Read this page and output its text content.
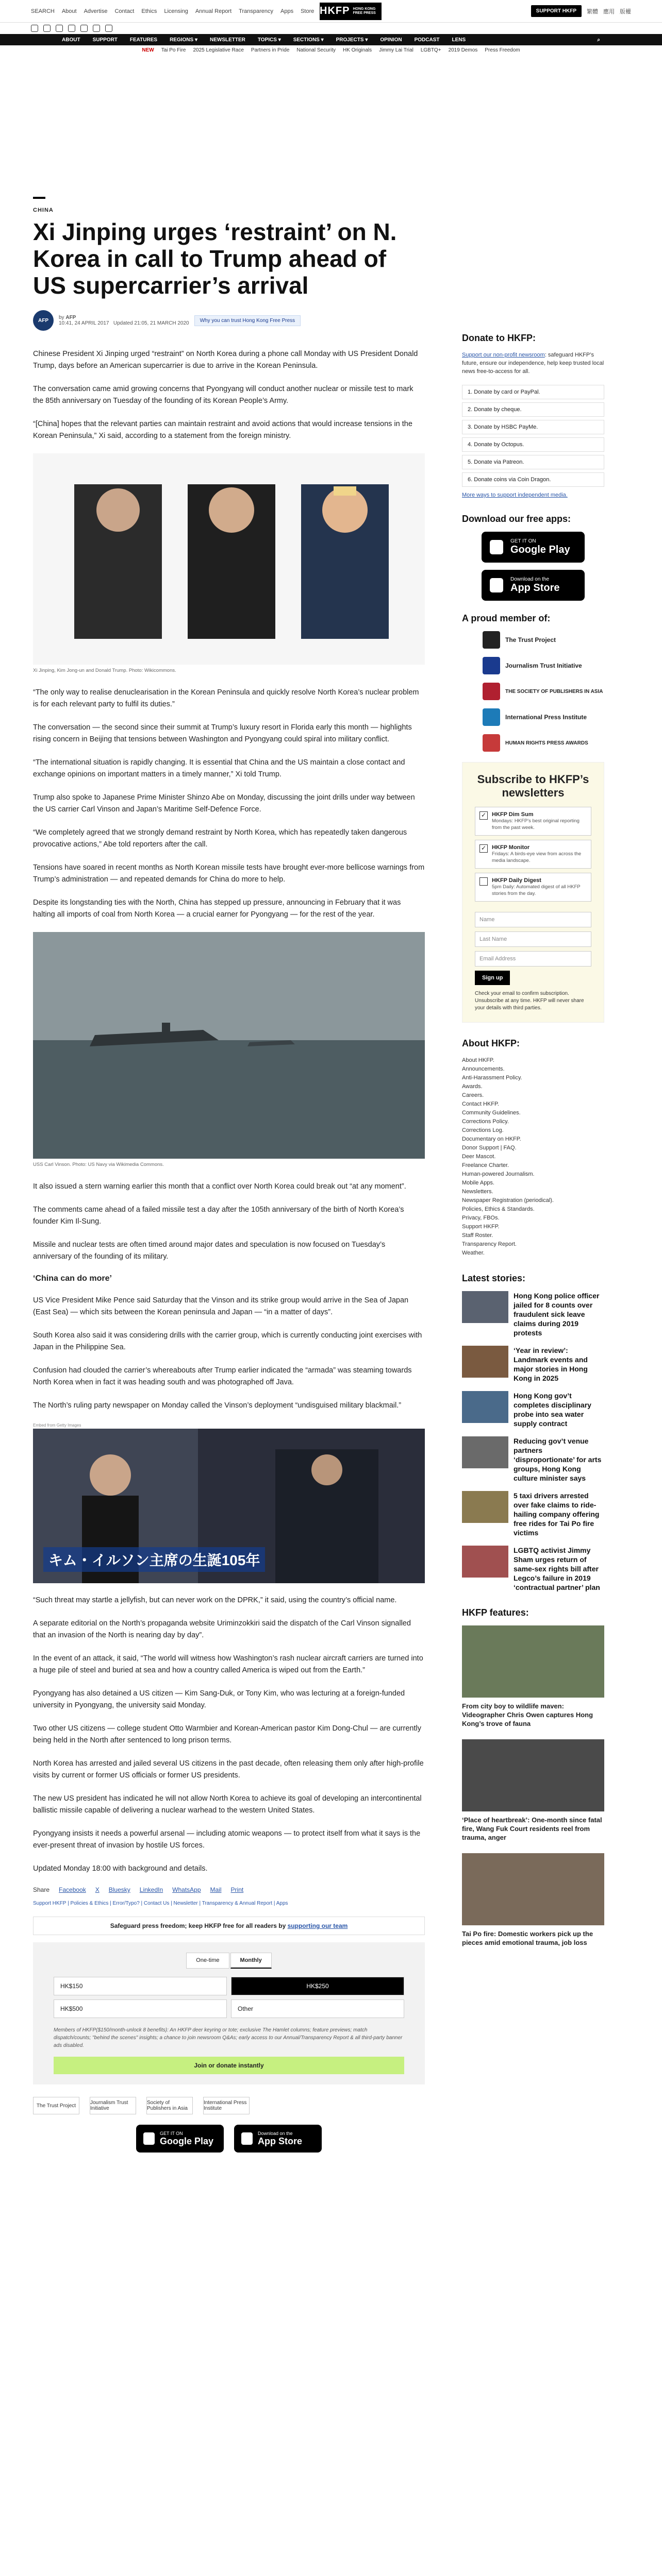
SEARCH About Advertise Contact Ethics Licensing Annual Report Transparency Apps Store HKFP HONG KONG FREE PRESS	SUPPORT HKFP	繁體 應用 版權
ABOUT SUPPORT FEATURES REGIONS ▾ NEWSLETTER TOPICS ▾ SECTIONS ▾ PROJECTS ▾ OPINION PODCAST LENS	⌕
NEW Tai Po Fire 2025 Legislative Race Partners in Pride National Security HK Originals Jimmy Lai Trial LGBTQ+ 2019 Demos Press Freedom
CHINA
Xi Jinping urges ‘restraint’ on N. Korea in call to Trump ahead of US supercarrier’s arrival
AFP	by AFP
10:41, 24 APRIL 2017 Updated 21:05, 21 MARCH 2020	Why you can trust Hong Kong Free Press

Chinese President Xi Jinping urged “restraint” on North Korea during a phone call Monday with US President Donald Trump, days before an American supercarrier is due to arrive in the Korean Peninsula.

The conversation came amid growing concerns that Pyongyang will conduct another nuclear or missile test to mark the 85th anniversary on Tuesday of the founding of its Korean People’s Army.

“[China] hopes that the relevant parties can maintain restraint and avoid actions that would increase tensions in the Korean Peninsula,” Xi said, according to a statement from the foreign ministry.

Xi Jinping, Kim Jong-un and Donald Trump. Photo: Wikicommons.

“The only way to realise denuclearisation in the Korean Peninsula and quickly resolve North Korea’s nuclear problem is for each relevant party to fulfil its duties.”

The conversation — the second since their summit at Trump’s luxury resort in Florida early this month — highlights rising concern in Beijing that tensions between Washington and Pyongyang could spiral into military conflict.

“The international situation is rapidly changing. It is essential that China and the US maintain a close contact and exchange opinions on important matters in a timely manner,” Xi told Trump.

Trump also spoke to Japanese Prime Minister Shinzo Abe on Monday, discussing the joint drills under way between the US carrier Carl Vinson and Japan’s Maritime Self-Defence Force.

“We completely agreed that we strongly demand restraint by North Korea, which has repeatedly taken dangerous provocative actions,” Abe told reporters after the call.

Tensions have soared in recent months as North Korean missile tests have brought ever-more bellicose warnings from Trump’s administration — and repeated demands for China do more to help.

Despite its longstanding ties with the North, China has stepped up pressure, announcing in February that it was halting all imports of coal from North Korea — a crucial earner for Pyongyang — for the rest of the year.

USS Carl Vinson. Photo: US Navy via Wikimedia Commons.

It also issued a stern warning earlier this month that a conflict over North Korea could break out “at any moment”.

The comments came ahead of a failed missile test a day after the 105th anniversary of the birth of North Korea’s founder Kim Il-Sung.

Missile and nuclear tests are often timed around major dates and speculation is now focused on Tuesday’s anniversary of the founding of its military.

‘China can do more’

US Vice President Mike Pence said Saturday that the Vinson and its strike group would arrive in the Sea of Japan (East Sea) — which sits between the Korean peninsula and Japan — “in a matter of days”.

South Korea also said it was considering drills with the carrier group, which is currently conducting joint exercises with Japan in the Philippine Sea.

Confusion had clouded the carrier’s whereabouts after Trump earlier indicated the “armada” was steaming towards North Korea when in fact it was heading south and was photographed off Java.

The North’s ruling party newspaper on Monday called the Vinson’s deployment “undisguised military blackmail.”

Embed from Getty Images
キム・イルソン主席の生誕105年

“Such threat may startle a jellyfish, but can never work on the DPRK,” it said, using the country’s official name.

A separate editorial on the North’s propaganda website Uriminzokkiri said the dispatch of the Carl Vinson signalled that an invasion of the North is nearing day by day”.

In the event of an attack, it said, “The world will witness how Washington’s rash nuclear aircraft carriers are turned into a huge pile of steel and buried at sea and how a country called America is wiped out from the Earth.”

Pyongyang has also detained a US citizen — Kim Sang-Duk, or Tony Kim, who was lecturing at a foreign-funded university in Pyongyang, the university said Monday.

Two other US citizens — college student Otto Warmbier and Korean-American pastor Kim Dong-Chul — are currently being held in the North after sentenced to long prison terms.

North Korea has arrested and jailed several US citizens in the past decade, often releasing them only after high-profile visits by current or former US officials or former US presidents.

The new US president has indicated he will not allow North Korea to achieve its goal of developing an intercontinental ballistic missile capable of delivering a nuclear warhead to the western United States.

Pyongyang insists it needs a powerful arsenal — including atomic weapons — to protect itself from what it says is the ever-present threat of invasion by hostile US forces.

Updated Monday 18:00 with background and details.

Share Facebook X Bluesky LinkedIn WhatsApp Mail Print
Support HKFP | Policies & Ethics | Error/Typo? | Contact Us | Newsletter | Transparency & Annual Report | Apps
Safeguard press freedom; keep HKFP free for all readers by supporting our team
One-time	Monthly
HK$150	HK$250
HK$500	Other
Members of HKFP($150/month-unlock 8 benefits): An HKFP deer keyring or tote; exclusive The Hamlet columns; feature previews; match dispatch/counts; "behind the scenes" insights; a chance to join newsroom Q&As; early access to our Annual/Transparency Report & all third-party banner ads disabled.
Join or donate instantly
The Trust Project	Journalism Trust Initiative
Society of Publishers in Asia
International Press Institute
GET IT ON
Google Play
Download on the
App Store
Donate to HKFP:
Support our non-profit newsroom: safeguard HKFP’s future, ensure our independence, help keep trusted local news free-to-access for all.
1. Donate by card or PayPal.
2. Donate by cheque.
3. Donate by HSBC PayMe.
4. Donate by Octopus.
5. Donate via Patreon.
6. Donate coins via Coin Dragon.
More ways to support independent media.
Download our free apps:
GET IT ON
Google Play
Download on the
App Store
A proud member of:
The Trust Project
Journalism Trust Initiative
THE SOCIETY OF PUBLISHERS IN ASIA
International Press Institute
HUMAN RIGHTS PRESS AWARDS
Subscribe to HKFP’s newsletters
✓ HKFP Dim Sum
Mondays: HKFP’s best original reporting from the past week.
✓ HKFP Monitor
Fridays: A birds-eye view from across the media landscape.
HKFP Daily Digest
5pm Daily: Automated digest of all HKFP stories from the day.
Name
Last Name
Email Address
Sign up
Check your email to confirm subscription. Unsubscribe at any time. HKFP will never share your details with third parties.
About HKFP:
About HKFP.
Announcements.
Anti-Harassment Policy.
Awards.
Careers.
Contact HKFP.
Community Guidelines.
Corrections Policy.
Corrections Log.
Documentary on HKFP.
Donor Support | FAQ.
Deer Mascot.
Freelance Charter.
Human-powered Journalism.
Mobile Apps.
Newsletters.
Newspaper Registration (periodical).
Policies, Ethics & Standards.
Privacy, FBOs.
Support HKFP.
Staff Roster.
Transparency Report.
Weather.
Latest stories:
Hong Kong police officer jailed for 8 counts over fraudulent sick leave claims during 2019 protests
‘Year in review’: Landmark events and major stories in Hong Kong in 2025
Hong Kong gov’t completes disciplinary probe into sea water supply contract
Reducing gov’t venue partners ‘disproportionate’ for arts groups, Hong Kong culture minister says
5 taxi drivers arrested over fake claims to ride-hailing company offering free rides for Tai Po fire victims
LGBTQ activist Jimmy Sham urges return of same-sex rights bill after Legco’s failure in 2019 ‘contractual partner’ plan
HKFP features:
From city boy to wildlife maven: Videographer Chris Owen captures Hong Kong’s trove of fauna
‘Place of heartbreak’: One-month since fatal fire, Wang Fuk Court residents reel from trauma, anger
Tai Po fire: Domestic workers pick up the pieces amid emotional trauma, job loss
